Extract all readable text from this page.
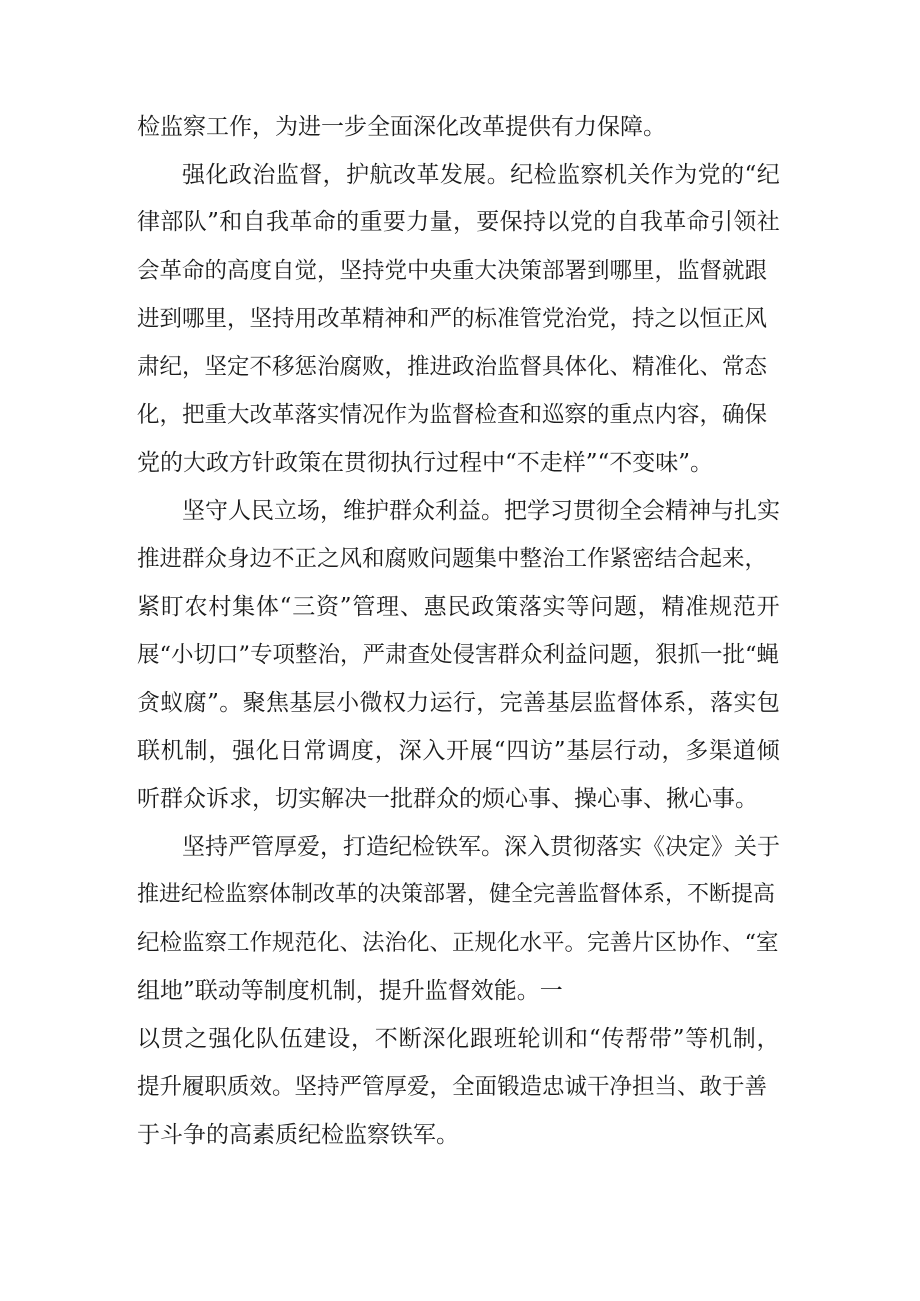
检监察工作，为进一步全面深化改革提供有力保障。

强化政治监督，护航改革发展。纪检监察机关作为党的“纪

律部队”和自我革命的重要力量，要保持以党的自我革命引领社

会革命的高度自觉，坚持党中央重大决策部署到哪里，监督就跟

进到哪里，坚持用改革精神和严的标准管党治党，持之以恒正风

肃纪，坚定不移惩治腐败，推进政治监督具体化、精准化、常态

化，把重大改革落实情况作为监督检查和巡察的重点内容，确保

党的大政方针政策在贯彻执行过程中“不走样”“不变味”。

坚守人民立场，维护群众利益。把学习贯彻全会精神与扎实

推进群众身边不正之风和腐败问题集中整治工作紧密结合起来，

紧盯农村集体“三资”管理、惠民政策落实等问题，精准规范开

展“小切口”专项整治，严肃查处侵害群众利益问题，狠抓一批“蝇

贪蚁腐”。聚焦基层小微权力运行，完善基层监督体系，落实包

联机制，强化日常调度，深入开展“四访”基层行动，多渠道倾

听群众诉求，切实解决一批群众的烦心事、操心事、揪心事。

坚持严管厚爱，打造纪检铁军。深入贯彻落实《决定》关于

推进纪检监察体制改革的决策部署，健全完善监督体系，不断提高

纪检监察工作规范化、法治化、正规化水平。完善片区协作、“室

组地”联动等制度机制，提升监督效能。一

以贯之强化队伍建设，不断深化跟班轮训和“传帮带”等机制，

提升履职质效。坚持严管厚爱，全面锻造忠诚干净担当、敢于善

于斗争的高素质纪检监察铁军。
